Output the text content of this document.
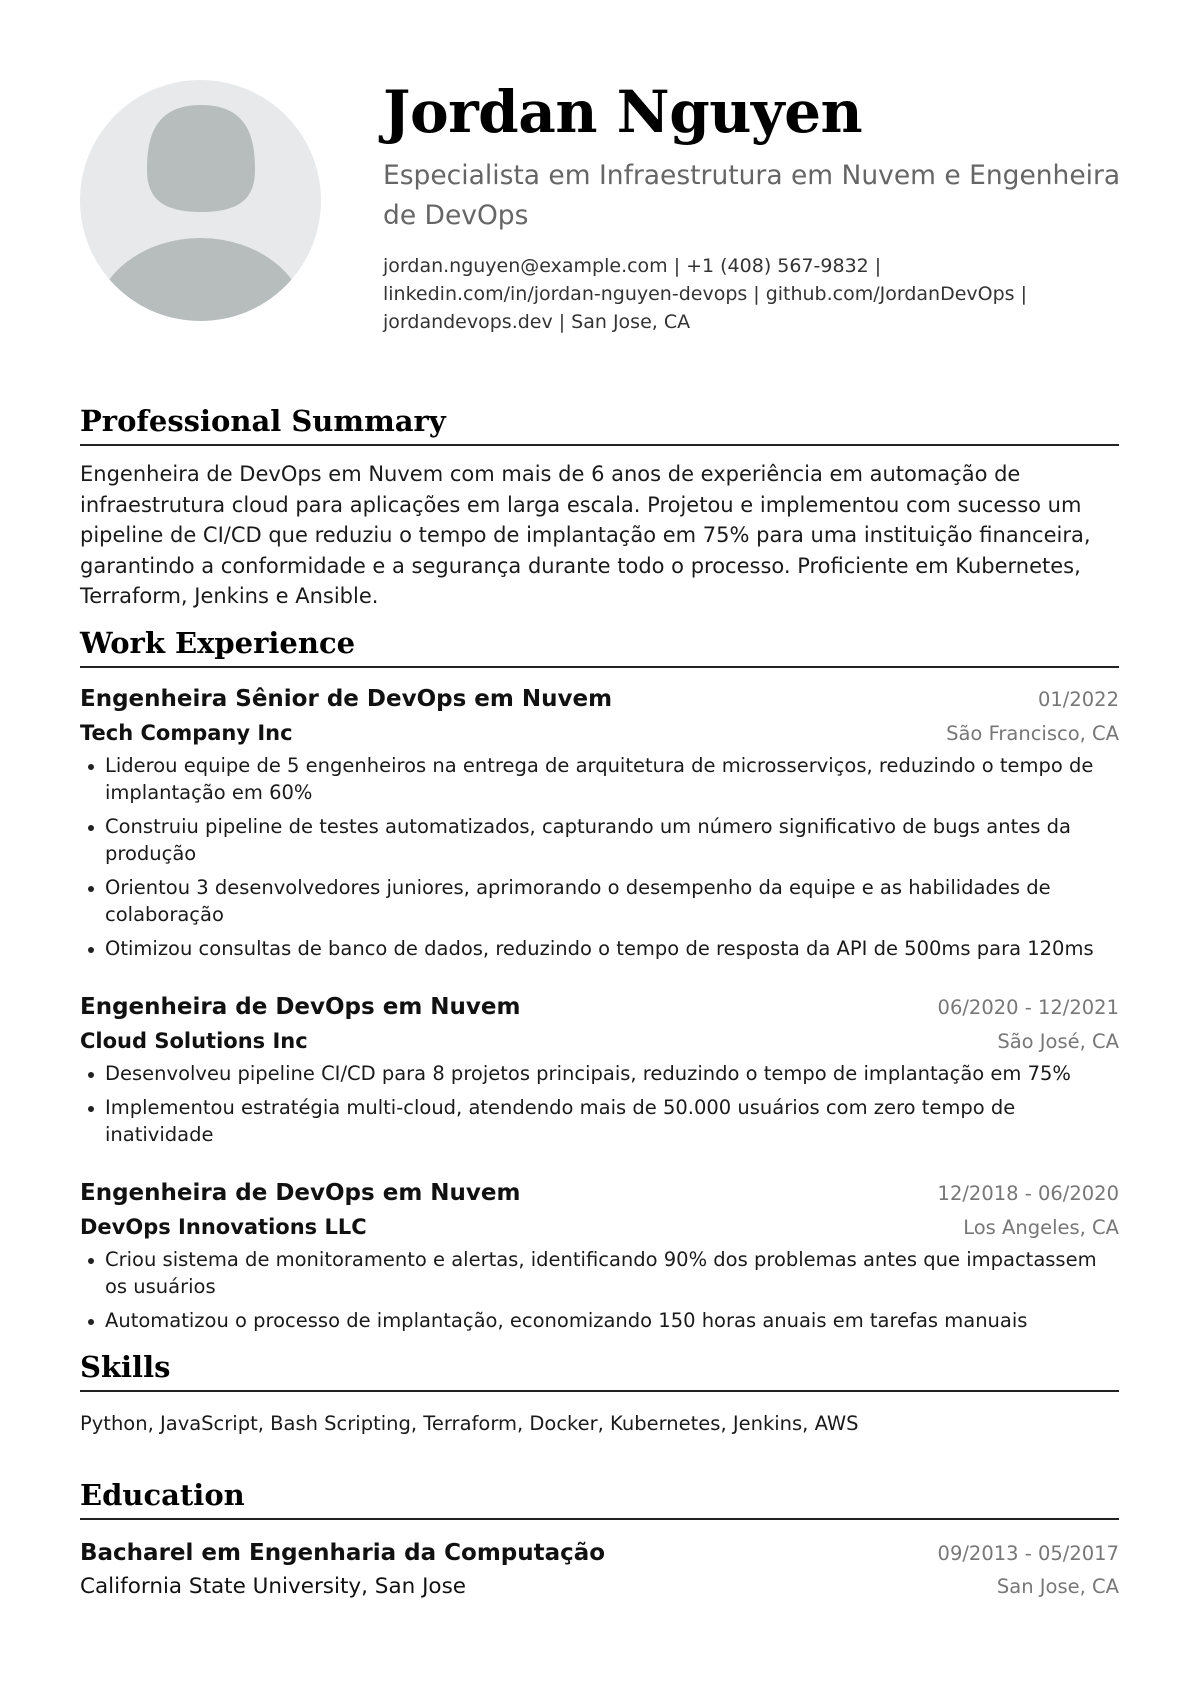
Jordan Nguyen
Especialista em Infraestrutura em Nuvem e Engenheira de DevOps
jordan.nguyen@example.com | +1 (408) 567-9832 |
linkedin.com/in/jordan-nguyen-devops | github.com/JordanDevOps |
jordandevops.dev | San Jose, CA
Professional Summary
Engenheira de DevOps em Nuvem com mais de 6 anos de experiência em automação de infraestrutura cloud para aplicações em larga escala. Projetou e implementou com sucesso um pipeline de CI/CD que reduziu o tempo de implantação em 75% para uma instituição financeira, garantindo a conformidade e a segurança durante todo o processo. Proficiente em Kubernetes, Terraform, Jenkins e Ansible.
Work Experience
Engenheira Sênior de DevOps em Nuvem	01/2022
Tech Company Inc	São Francisco, CA
Liderou equipe de 5 engenheiros na entrega de arquitetura de microsserviços, reduzindo o tempo de implantação em 60%
Construiu pipeline de testes automatizados, capturando um número significativo de bugs antes da produção
Orientou 3 desenvolvedores juniores, aprimorando o desempenho da equipe e as habilidades de colaboração
Otimizou consultas de banco de dados, reduzindo o tempo de resposta da API de 500ms para 120ms
Engenheira de DevOps em Nuvem	06/2020 - 12/2021
Cloud Solutions Inc	São José, CA
Desenvolveu pipeline CI/CD para 8 projetos principais, reduzindo o tempo de implantação em 75%
Implementou estratégia multi-cloud, atendendo mais de 50.000 usuários com zero tempo de inatividade
Engenheira de DevOps em Nuvem	12/2018 - 06/2020
DevOps Innovations LLC	Los Angeles, CA
Criou sistema de monitoramento e alertas, identificando 90% dos problemas antes que impactassem os usuários
Automatizou o processo de implantação, economizando 150 horas anuais em tarefas manuais
Skills
Python, JavaScript, Bash Scripting, Terraform, Docker, Kubernetes, Jenkins, AWS
Education
Bacharel em Engenharia da Computação	09/2013 - 05/2017
California State University, San Jose	San Jose, CA
